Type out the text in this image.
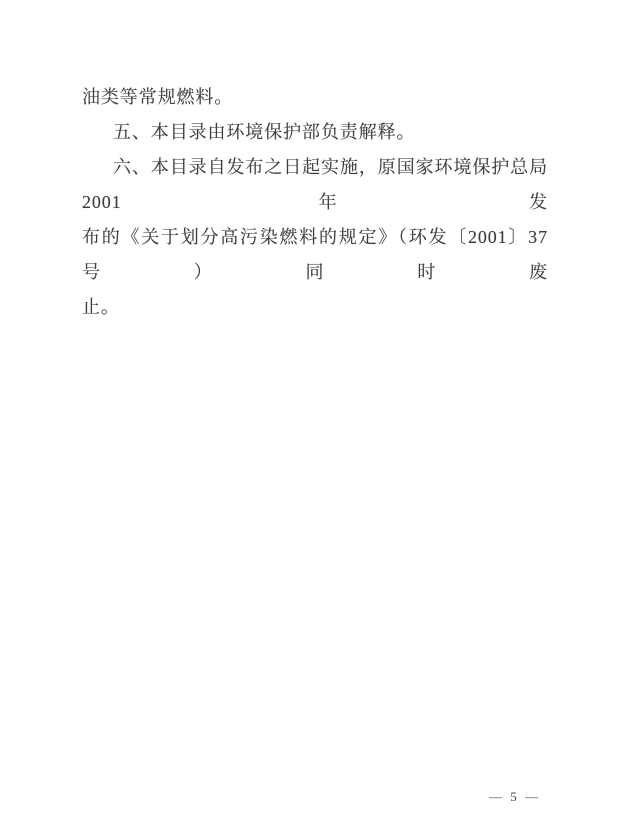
油类等常规燃料。
五、本目录由环境保护部负责解释。
六、本目录自发布之日起实施，原国家环境保护总局 2001 年发
布的《关于划分高污染燃料的规定》（环发〔2001〕37 号）同时废
止。
— 5 —
